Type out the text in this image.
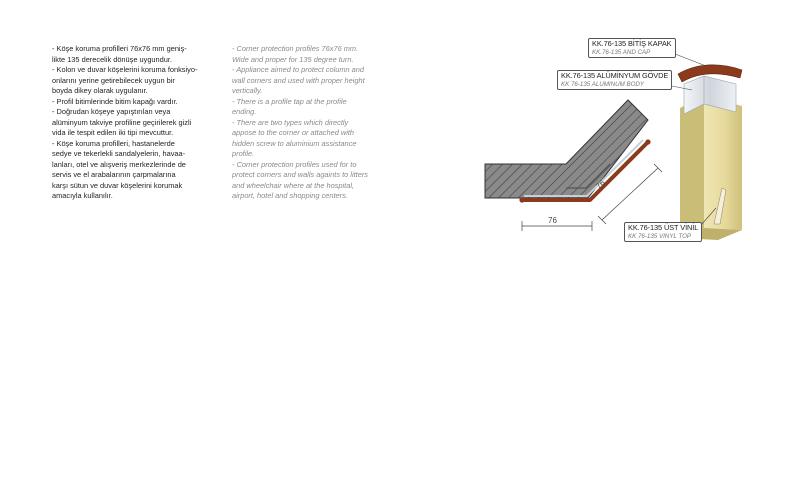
- Köşe koruma profilleri 76x76 mm geniş-

likte 135 derecelik dönüşe uygundur.

- Kolon ve duvar köşelerini koruma fonksiyo-

onlarını yerine getirebilecek uygun bir

boyda dikey olarak uygulanır.

- Profil bitimlerinde bitim kapağı vardır.

- Doğrudan köşeye yapıştırılan veya

alüminyum takviye profiline geçirilerek gizli

vida ile tespit edilen iki tipi mevcuttur.

- Köşe koruma profilleri, hastanelerde

sedye ve tekerlekli sandalyelerin, havaa-

lanları, otel ve alışveriş merkezlerinde de

servis ve el arabalarının çarpmalarına

karşı sütun ve duvar köşelerini korumak

amacıyla kullanılır.

- Corner protection profiles 76x76 mm.

Wide and proper for 135 degree turn.

- Appliance aimed to protect column and

wall corners and used with proper height

vertically.

- There is a profile tap at the profile

ending.

- There are two types which directly

appose to the corner or attached with

hidden screw to aluminium assistance

profile.

- Corner protection profiles used for to

protect corners and walls againts to litters

and wheelchair where at the hospital,

airport, hotel and shopping centers.

KK.76-135 BİTİŞ KAPAK
KK.76-135 AND CAP
KK.76-135 ALÜMİNYUM GÖVDE
KK 76-135 ALUMINUM BODY
KK.76-135 ÜST VİNİL
KK 76-135 VINYL TOP
76
76
